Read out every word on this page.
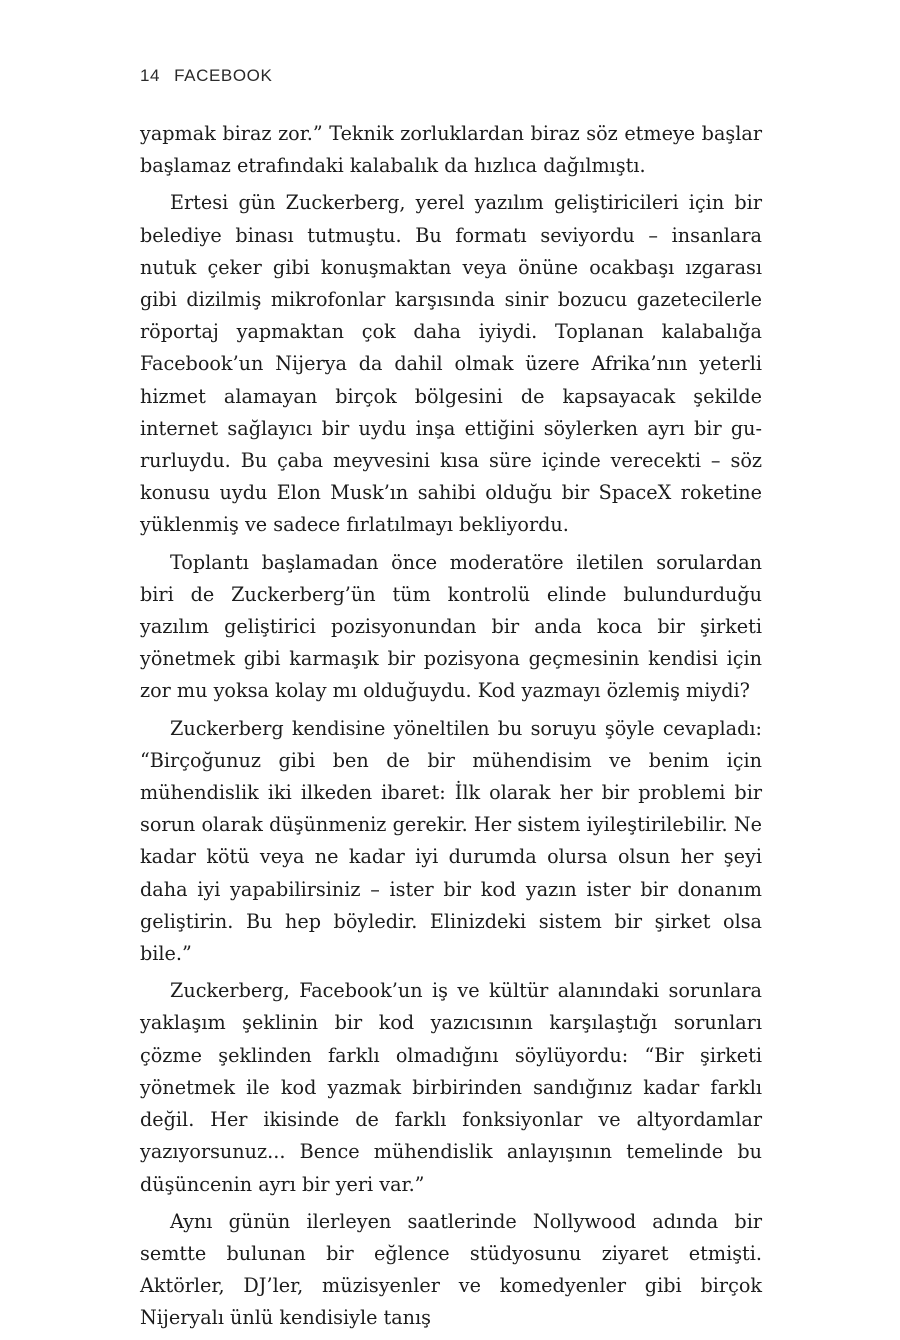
14 FACEBOOK

yapmak biraz zor.” Teknik zorluklardan biraz söz etmeye başlar başlamaz etrafındaki kalabalık da hızlıca dağılmıştı.

Ertesi gün Zuckerberg, yerel yazılım geliştiricileri için bir belediye binası tutmuştu. Bu formatı seviyordu – insanlara nutuk çeker gibi konuşmaktan veya önüne ocakbaşı ızgarası gibi dizilmiş mikrofonlar karşısında sinir bozucu gazetecilerle röportaj yapmaktan çok daha iyiydi. Toplanan kalabalığa Facebook’un Nijerya da dahil olmak üzere Afrika’nın yeterli hizmet alamayan birçok bölgesini de kapsayacak şekilde internet sağlayıcı bir uydu inşa ettiğini söylerken ayrı bir gururluydu. Bu çaba meyvesini kısa süre içinde verecekti – söz konusu uydu Elon Musk’ın sahibi olduğu bir SpaceX roketine yüklenmiş ve sadece fırlatılmayı bekliyordu.

Toplantı başlamadan önce moderatöre iletilen sorulardan biri de Zuckerberg’ün tüm kontrolü elinde bulundurduğu yazılım geliştirici pozisyonundan bir anda koca bir şirketi yönetmek gibi karmaşık bir pozisyona geçmesinin kendisi için zor mu yoksa kolay mı olduğuydu. Kod yazmayı özlemiş miydi?

Zuckerberg kendisine yöneltilen bu soruyu şöyle cevapladı: “Birçoğunuz gibi ben de bir mühendisim ve benim için mühendislik iki ilkeden ibaret: İlk olarak her bir problemi bir sorun olarak düşünmeniz gerekir. Her sistem iyileştirilebilir. Ne kadar kötü veya ne kadar iyi durumda olursa olsun her şeyi daha iyi yapabilirsiniz – ister bir kod yazın ister bir donanım geliştirin. Bu hep böyledir. Elinizdeki sistem bir şirket olsa bile.”

Zuckerberg, Facebook’un iş ve kültür alanındaki sorunlara yaklaşım şeklinin bir kod yazıcısının karşılaştığı sorunları çözme şeklinden farklı olmadığını söylüyordu: “Bir şirketi yönetmek ile kod yazmak birbirinden sandığınız kadar farklı değil. Her ikisinde de farklı fonksiyonlar ve altyordamlar yazıyorsunuz... Bence mühendislik anlayışının temelinde bu düşüncenin ayrı bir yeri var.”

Aynı günün ilerleyen saatlerinde Nollywood adında bir semtte bulunan bir eğlence stüdyosunu ziyaret etmişti. Aktörler, DJ’ler, müzisyenler ve komedyenler gibi birçok Nijeryalı ünlü kendisiyle tanış
